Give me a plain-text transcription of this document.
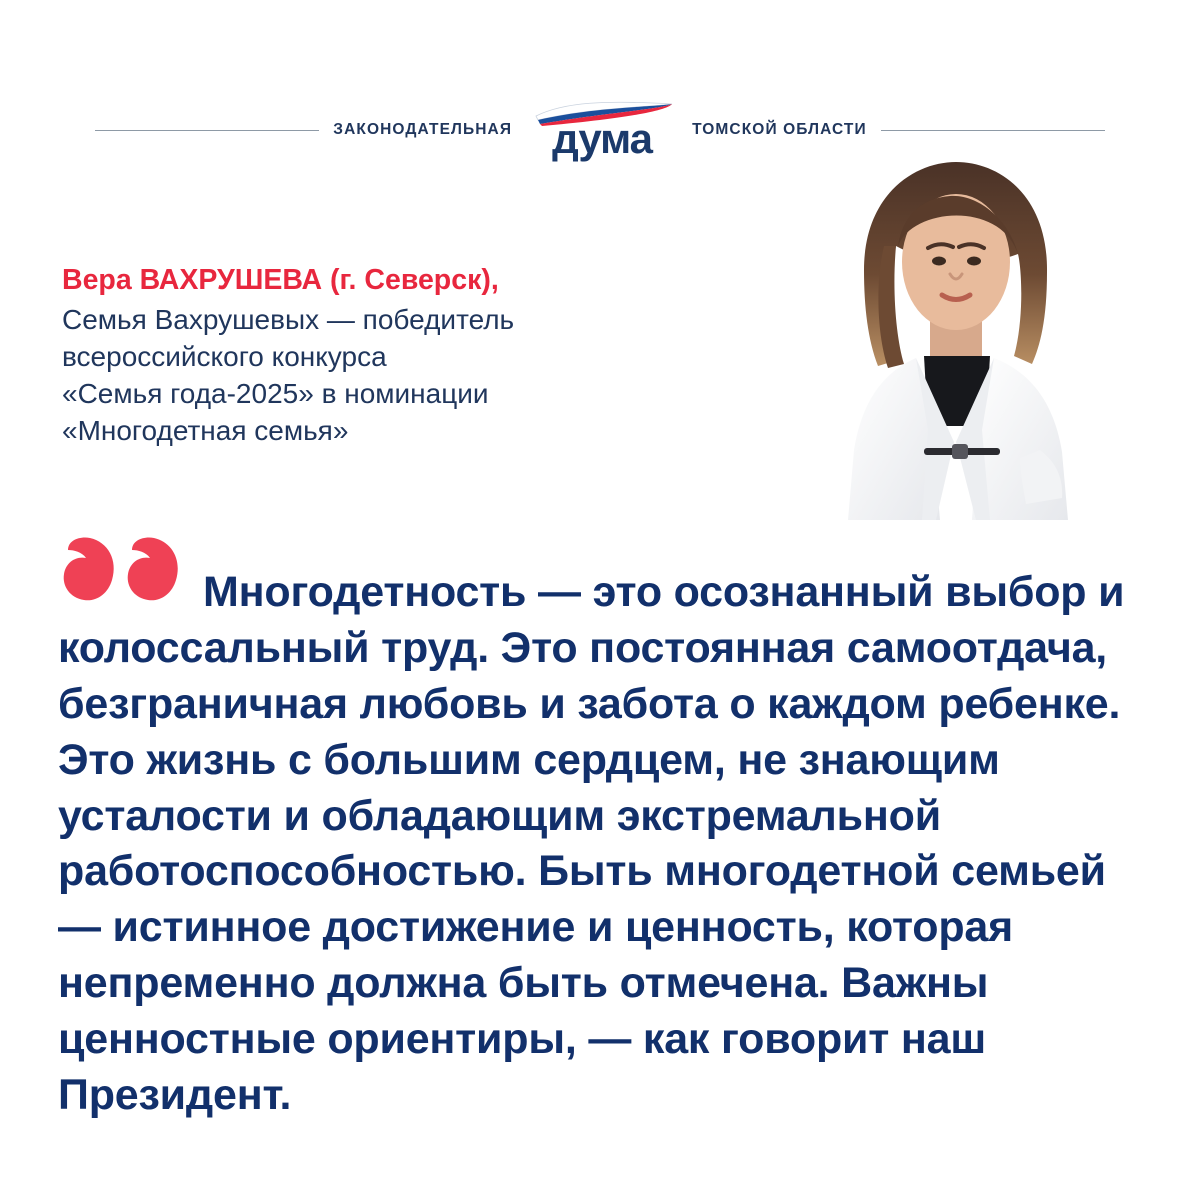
ЗАКОНОДАТЕЛЬНАЯ дума	ТОМСКОЙ ОБЛАСТИ
Вера ВАХРУШЕВА (г. Северск),
Семья Вахрушевых — победитель
всероссийского конкурса
«Семья года-2025» в номинации
«Многодетная семья»
Многодетность — это осознанный выбор и колоссальный труд. Это постоянная самоотдача, безграничная любовь и забота о каждом ребенке. Это жизнь с большим сердцем, не знающим усталости и обладающим экстремальной работоспособностью. Быть многодетной семьей — истинное достижение и ценность, которая непременно должна быть отмечена. Важны ценностные ориентиры, — как говорит наш Президент.
